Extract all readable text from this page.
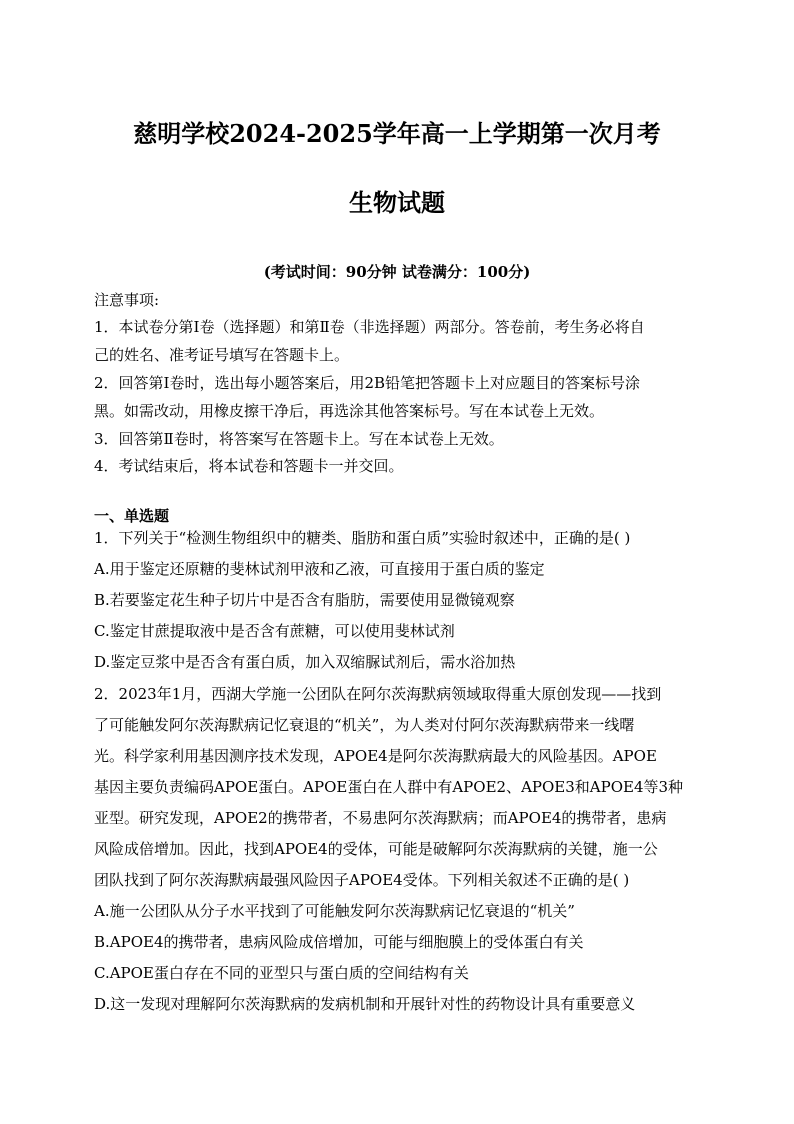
慈明学校2024-2025学年高一上学期第一次月考
生物试题
(考试时间：90分钟 试卷满分：100分)
注意事项:
1．本试卷分第Ⅰ卷（选择题）和第Ⅱ卷（非选择题）两部分。答卷前，考生务必将自
己的姓名、准考证号填写在答题卡上。
2．回答第Ⅰ卷时，选出每小题答案后，用2B铅笔把答题卡上对应题目的答案标号涂
黑。如需改动，用橡皮擦干净后，再选涂其他答案标号。写在本试卷上无效。
3．回答第Ⅱ卷时，将答案写在答题卡上。写在本试卷上无效。
4．考试结束后，将本试卷和答题卡一并交回。
一、单选题
1．下列关于“检测生物组织中的糖类、脂肪和蛋白质”实验时叙述中，正确的是( )
A.用于鉴定还原糖的斐林试剂甲液和乙液，可直接用于蛋白质的鉴定
B.若要鉴定花生种子切片中是否含有脂肪，需要使用显微镜观察
C.鉴定甘蔗提取液中是否含有蔗糖，可以使用斐林试剂
D.鉴定豆浆中是否含有蛋白质，加入双缩脲试剂后，需水浴加热
2．2023年1月，西湖大学施一公团队在阿尔茨海默病领域取得重大原创发现——找到
了可能触发阿尔茨海默病记忆衰退的“机关”，为人类对付阿尔茨海默病带来一线曙
光。科学家利用基因测序技术发现，APOE4是阿尔茨海默病最大的风险基因。APOE
基因主要负责编码APOE蛋白。APOE蛋白在人群中有APOE2、APOE3和APOE4等3种
亚型。研究发现，APOE2的携带者，不易患阿尔茨海默病；而APOE4的携带者，患病
风险成倍增加。因此，找到APOE4的受体，可能是破解阿尔茨海默病的关键，施一公
团队找到了阿尔茨海默病最强风险因子APOE4受体。下列相关叙述不正确的是( )
A.施一公团队从分子水平找到了可能触发阿尔茨海默病记忆衰退的“机关”
B.APOE4的携带者，患病风险成倍增加，可能与细胞膜上的受体蛋白有关
C.APOE蛋白存在不同的亚型只与蛋白质的空间结构有关
D.这一发现对理解阿尔茨海默病的发病机制和开展针对性的药物设计具有重要意义
